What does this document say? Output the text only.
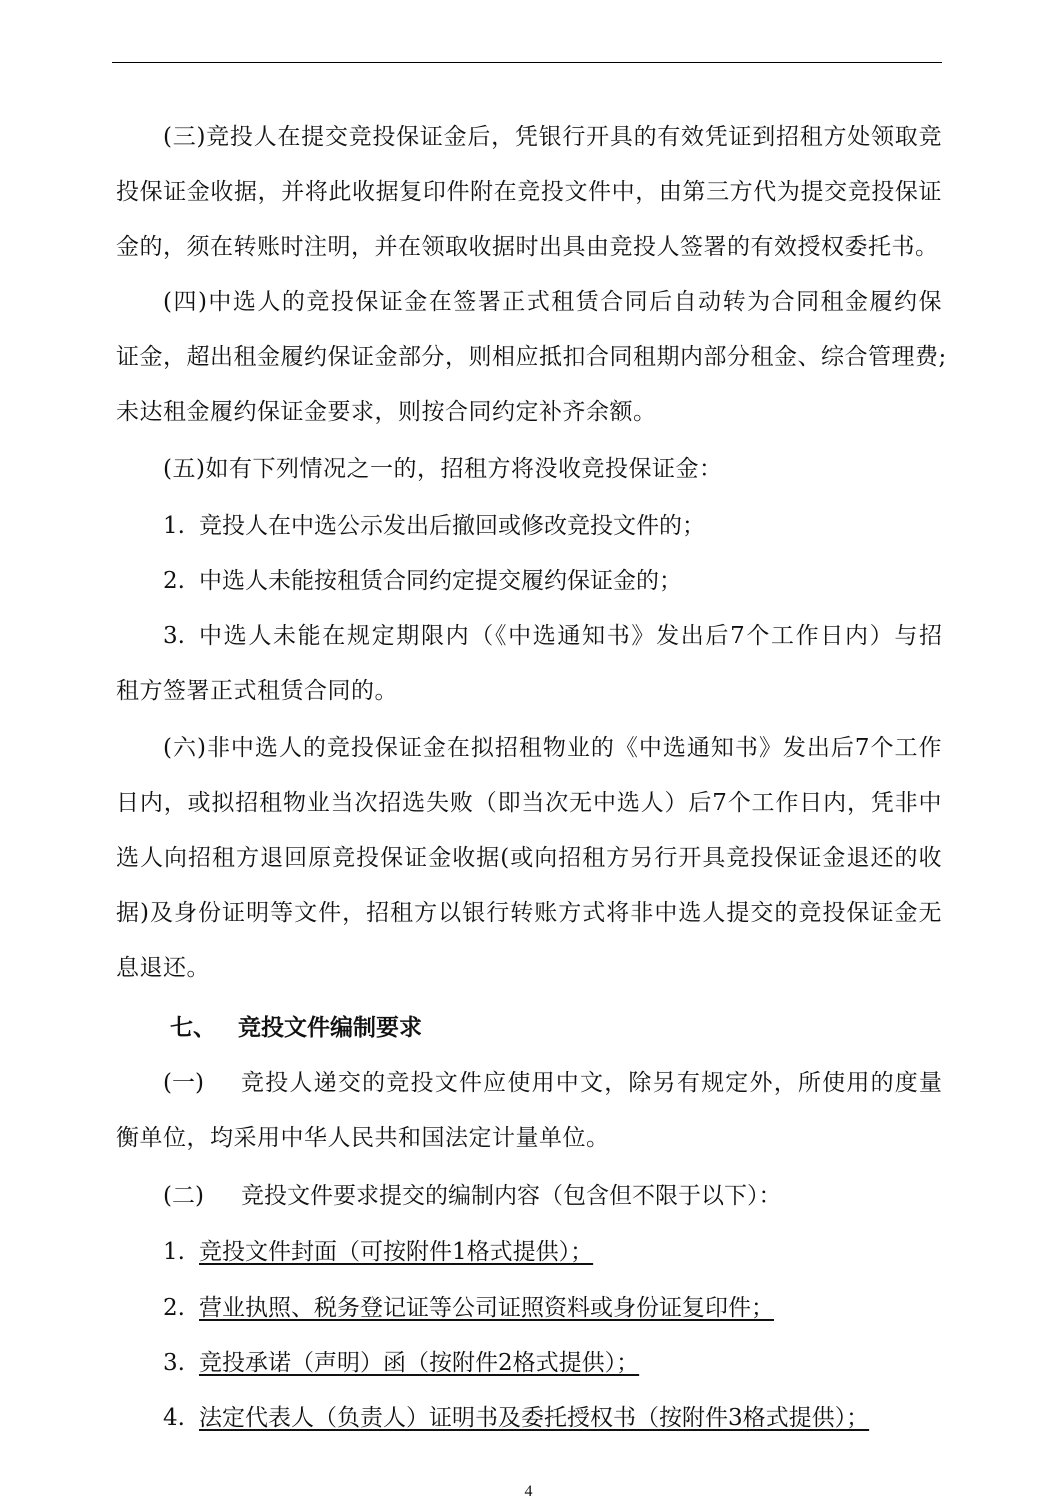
(三)竞投人在提交竞投保证金后，凭银行开具的有效凭证到招租方处领取竞
投保证金收据，并将此收据复印件附在竞投文件中，由第三方代为提交竞投保证
金的，须在转账时注明，并在领取收据时出具由竞投人签署的有效授权委托书。
(四)中选人的竞投保证金在签署正式租赁合同后自动转为合同租金履约保
证金，超出租金履约保证金部分，则相应抵扣合同租期内部分租金、综合管理费;
未达租金履约保证金要求，则按合同约定补齐余额。
(五)如有下列情况之一的，招租方将没收竞投保证金：
1. 竞投人在中选公示发出后撤回或修改竞投文件的；
2. 中选人未能按租赁合同约定提交履约保证金的；
3. 中选人未能在规定期限内（《中选通知书》发出后7个工作日内）与招
租方签署正式租赁合同的。
(六)非中选人的竞投保证金在拟招租物业的《中选通知书》发出后7个工作
日内，或拟招租物业当次招选失败（即当次无中选人）后7个工作日内，凭非中
选人向招租方退回原竞投保证金收据(或向招租方另行开具竞投保证金退还的收
据)及身份证明等文件，招租方以银行转账方式将非中选人提交的竞投保证金无
息退还。
七、 竞投文件编制要求
(一)	竞投人递交的竞投文件应使用中文，除另有规定外，所使用的度量
衡单位，均采用中华人民共和国法定计量单位。
(二) 竞投文件要求提交的编制内容（包含但不限于以下）：
1. 竞投文件封面（可按附件1格式提供）；
2. 营业执照、税务登记证等公司证照资料或身份证复印件；
3. 竞投承诺（声明）函（按附件2格式提供）；
4. 法定代表人（负责人）证明书及委托授权书（按附件3格式提供）；
4
